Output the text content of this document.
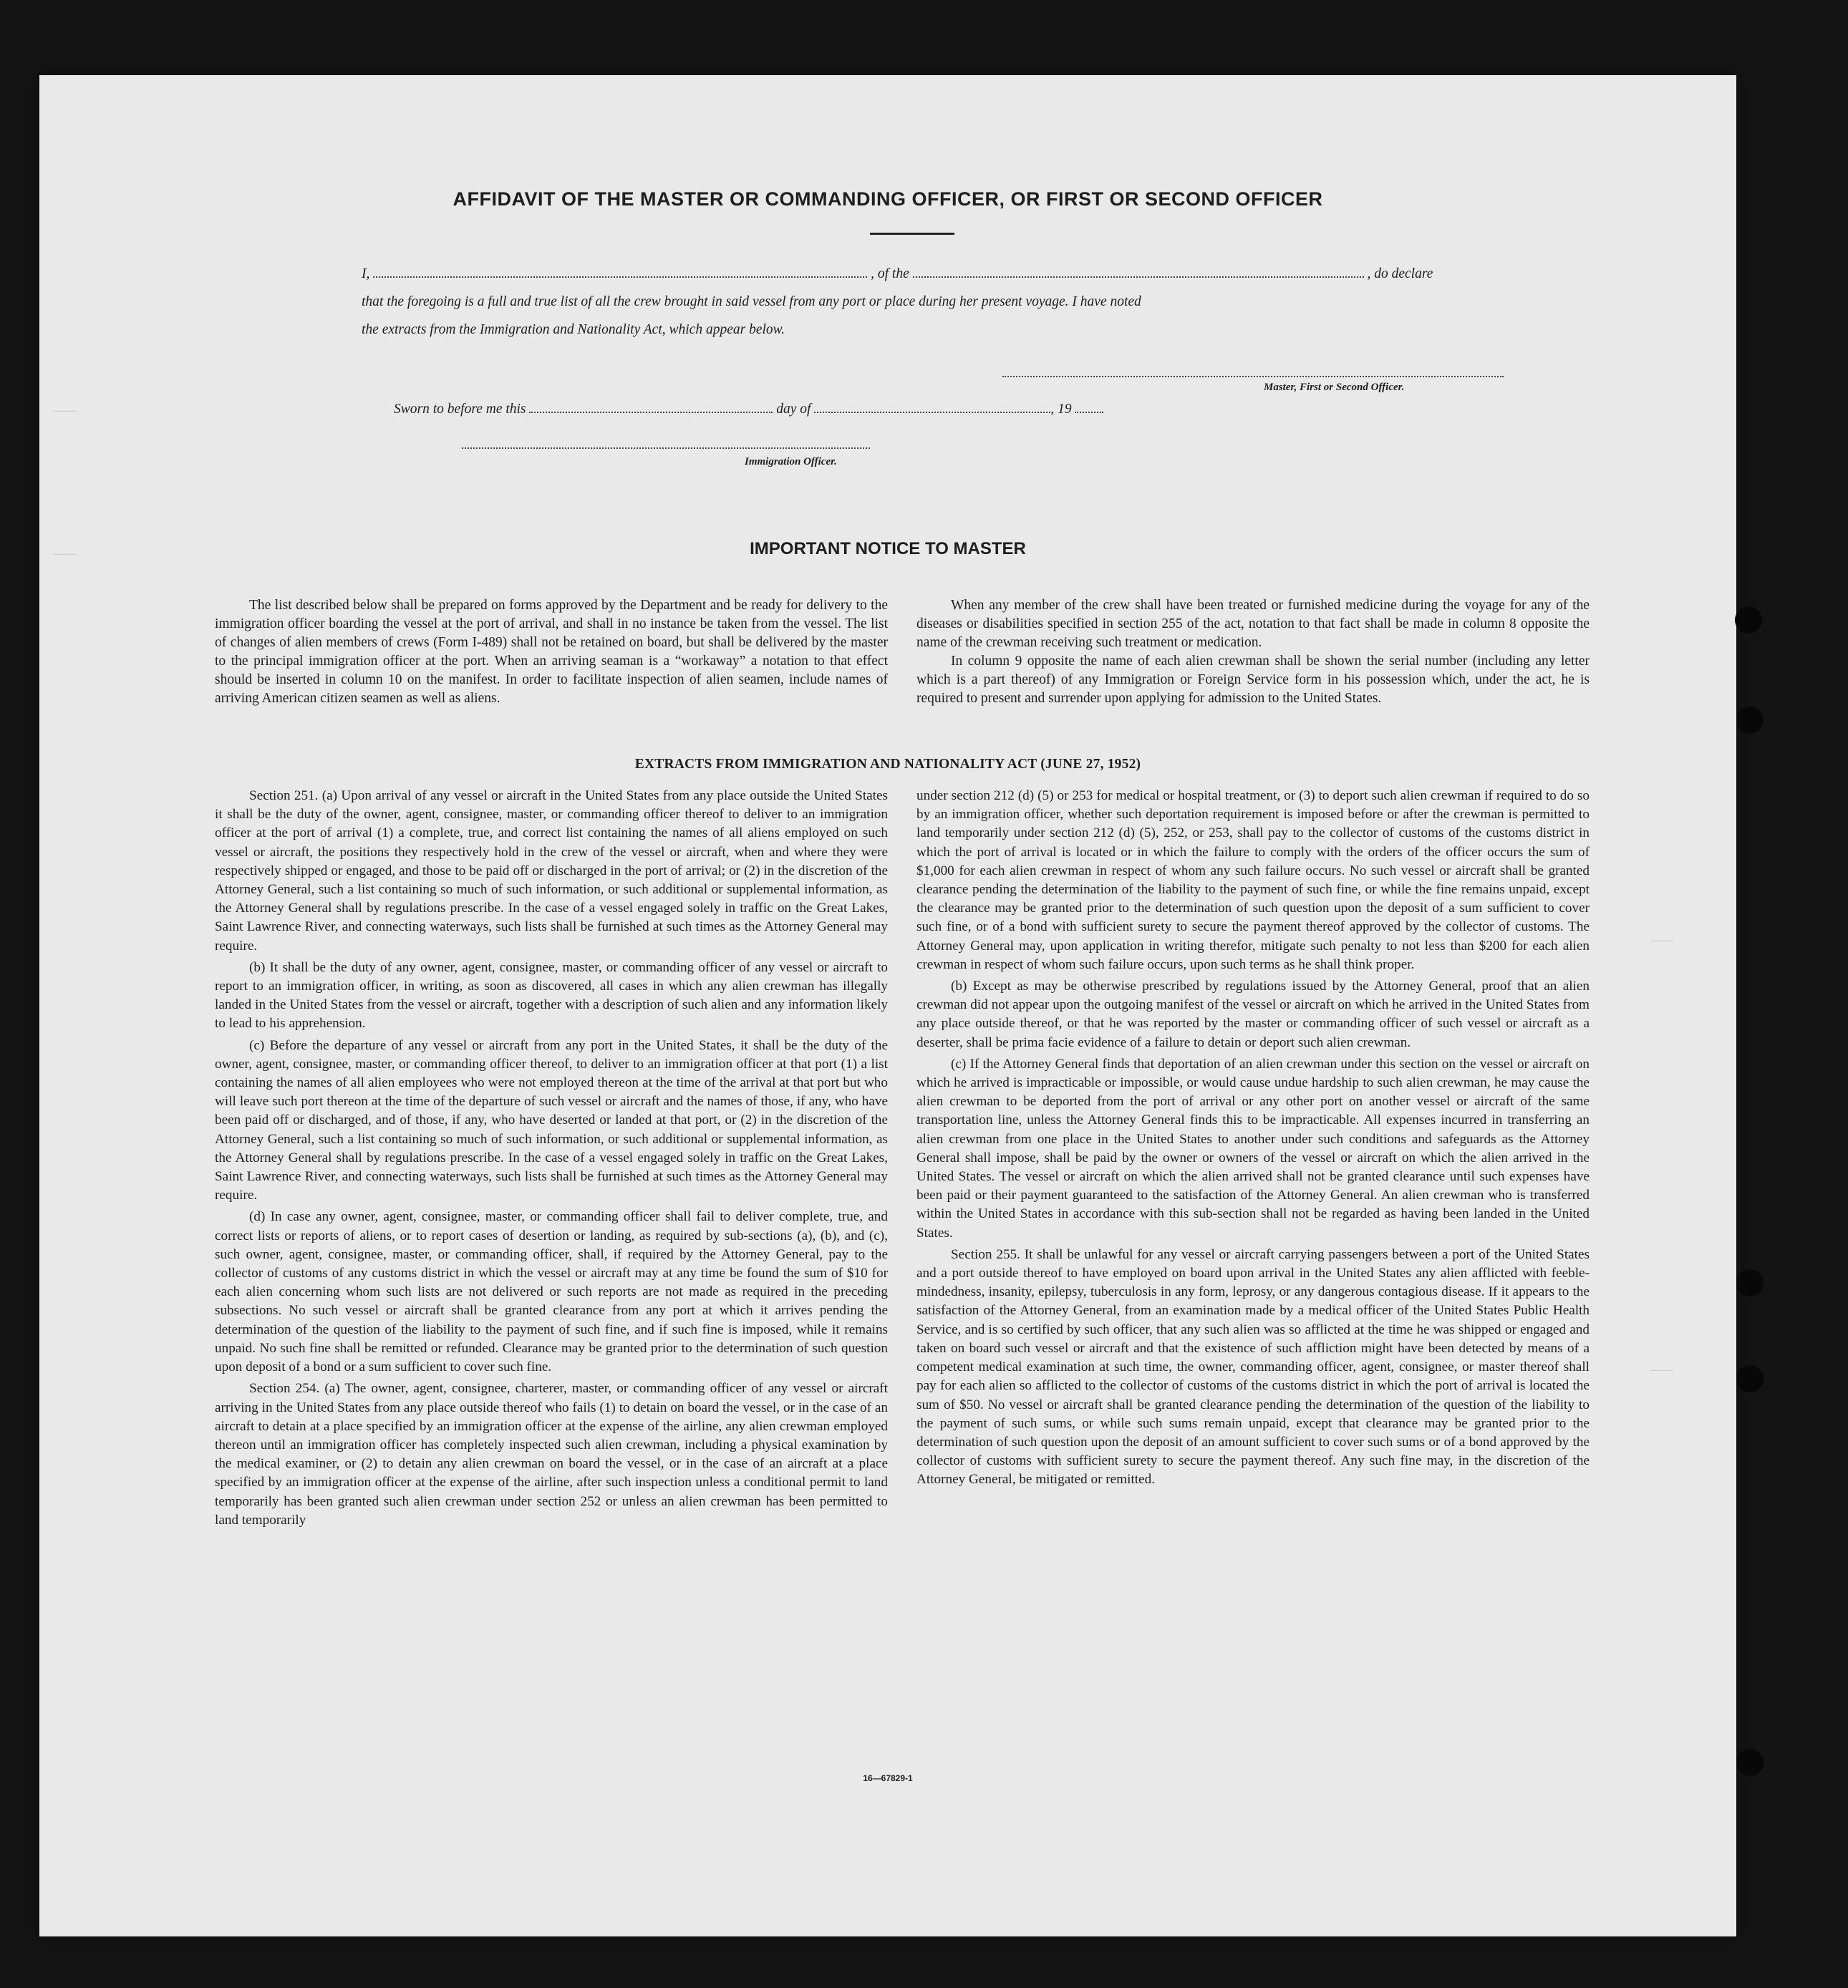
AFFIDAVIT OF THE MASTER OR COMMANDING OFFICER, OR FIRST OR SECOND OFFICER
I,	, of the	, do declare
that the foregoing is a full and true list of all the crew brought in said vessel from any port or place during her present voyage. I have noted
the extracts from the Immigration and Nationality Act, which appear below.
Master, First or Second Officer.
Sworn to before me this	day of	, 19
Immigration Officer.
IMPORTANT NOTICE TO MASTER

The list described below shall be prepared on forms approved by the Department and be ready for delivery to the immigration officer boarding the vessel at the port of arrival, and shall in no instance be taken from the vessel. The list of changes of alien members of crews (Form I-489) shall not be retained on board, but shall be delivered by the master to the principal immigration officer at the port. When an arriving seaman is a “workaway” a notation to that effect should be inserted in column 10 on the manifest. In order to facilitate inspection of alien seamen, include names of arriving American citizen seamen as well as aliens.

When any member of the crew shall have been treated or furnished medicine during the voyage for any of the diseases or disabilities specified in section 255 of the act, notation to that fact shall be made in column 8 opposite the name of the crewman receiving such treatment or medication.

In column 9 opposite the name of each alien crewman shall be shown the serial number (including any letter which is a part thereof) of any Immigration or Foreign Service form in his possession which, under the act, he is required to present and surrender upon applying for admission to the United States.

EXTRACTS FROM IMMIGRATION AND NATIONALITY ACT (JUNE 27, 1952)

Section 251. (a) Upon arrival of any vessel or aircraft in the United States from any place outside the United States it shall be the duty of the owner, agent, consignee, master, or commanding officer thereof to deliver to an immigration officer at the port of arrival (1) a complete, true, and correct list containing the names of all aliens employed on such vessel or aircraft, the positions they respectively hold in the crew of the vessel or aircraft, when and where they were respectively shipped or engaged, and those to be paid off or discharged in the port of arrival; or (2) in the discretion of the Attorney General, such a list containing so much of such information, or such additional or supplemental information, as the Attorney General shall by regulations prescribe. In the case of a vessel engaged solely in traffic on the Great Lakes, Saint Lawrence River, and connecting waterways, such lists shall be furnished at such times as the Attorney General may require.

(b) It shall be the duty of any owner, agent, consignee, master, or commanding officer of any vessel or aircraft to report to an immigration officer, in writing, as soon as discovered, all cases in which any alien crewman has illegally landed in the United States from the vessel or aircraft, together with a description of such alien and any information likely to lead to his apprehension.

(c) Before the departure of any vessel or aircraft from any port in the United States, it shall be the duty of the owner, agent, consignee, master, or commanding officer thereof, to deliver to an immigration officer at that port (1) a list containing the names of all alien employees who were not employed thereon at the time of the arrival at that port but who will leave such port thereon at the time of the departure of such vessel or aircraft and the names of those, if any, who have been paid off or discharged, and of those, if any, who have deserted or landed at that port, or (2) in the discretion of the Attorney General, such a list containing so much of such information, or such additional or supplemental information, as the Attorney General shall by regulations prescribe. In the case of a vessel engaged solely in traffic on the Great Lakes, Saint Lawrence River, and connecting waterways, such lists shall be furnished at such times as the Attorney General may require.

(d) In case any owner, agent, consignee, master, or commanding officer shall fail to deliver complete, true, and correct lists or reports of aliens, or to report cases of desertion or landing, as required by sub-sections (a), (b), and (c), such owner, agent, consignee, master, or commanding officer, shall, if required by the Attorney General, pay to the collector of customs of any customs district in which the vessel or aircraft may at any time be found the sum of $10 for each alien concerning whom such lists are not delivered or such reports are not made as required in the preceding subsections. No such vessel or aircraft shall be granted clearance from any port at which it arrives pending the determination of the question of the liability to the payment of such fine, and if such fine is imposed, while it remains unpaid. No such fine shall be remitted or refunded. Clearance may be granted prior to the determination of such question upon deposit of a bond or a sum sufficient to cover such fine.

Section 254. (a) The owner, agent, consignee, charterer, master, or commanding officer of any vessel or aircraft arriving in the United States from any place outside thereof who fails (1) to detain on board the vessel, or in the case of an aircraft to detain at a place specified by an immigration officer at the expense of the airline, any alien crewman employed thereon until an immigration officer has completely inspected such alien crewman, including a physical examination by the medical examiner, or (2) to detain any alien crewman on board the vessel, or in the case of an aircraft at a place specified by an immigration officer at the expense of the airline, after such inspection unless a conditional permit to land temporarily has been granted such alien crewman under section 252 or unless an alien crewman has been permitted to land temporarily

under section 212 (d) (5) or 253 for medical or hospital treatment, or (3) to deport such alien crewman if required to do so by an immigration officer, whether such deportation requirement is imposed before or after the crewman is permitted to land temporarily under section 212 (d) (5), 252, or 253, shall pay to the collector of customs of the customs district in which the port of arrival is located or in which the failure to comply with the orders of the officer occurs the sum of $1,000 for each alien crewman in respect of whom any such failure occurs. No such vessel or aircraft shall be granted clearance pending the determination of the liability to the payment of such fine, or while the fine remains unpaid, except the clearance may be granted prior to the determination of such question upon the deposit of a sum sufficient to cover such fine, or of a bond with sufficient surety to secure the payment thereof approved by the collector of customs. The Attorney General may, upon application in writing therefor, mitigate such penalty to not less than $200 for each alien crewman in respect of whom such failure occurs, upon such terms as he shall think proper.

(b) Except as may be otherwise prescribed by regulations issued by the Attorney General, proof that an alien crewman did not appear upon the outgoing manifest of the vessel or aircraft on which he arrived in the United States from any place outside thereof, or that he was reported by the master or commanding officer of such vessel or aircraft as a deserter, shall be prima facie evidence of a failure to detain or deport such alien crewman.

(c) If the Attorney General finds that deportation of an alien crewman under this section on the vessel or aircraft on which he arrived is impracticable or impossible, or would cause undue hardship to such alien crewman, he may cause the alien crewman to be deported from the port of arrival or any other port on another vessel or aircraft of the same transportation line, unless the Attorney General finds this to be impracticable. All expenses incurred in transferring an alien crewman from one place in the United States to another under such conditions and safeguards as the Attorney General shall impose, shall be paid by the owner or owners of the vessel or aircraft on which the alien arrived in the United States. The vessel or aircraft on which the alien arrived shall not be granted clearance until such expenses have been paid or their payment guaranteed to the satisfaction of the Attorney General. An alien crewman who is transferred within the United States in accordance with this sub-section shall not be regarded as having been landed in the United States.

Section 255. It shall be unlawful for any vessel or aircraft carrying passengers between a port of the United States and a port outside thereof to have employed on board upon arrival in the United States any alien afflicted with feeble-mindedness, insanity, epilepsy, tuberculosis in any form, leprosy, or any dangerous contagious disease. If it appears to the satisfaction of the Attorney General, from an examination made by a medical officer of the United States Public Health Service, and is so certified by such officer, that any such alien was so afflicted at the time he was shipped or engaged and taken on board such vessel or aircraft and that the existence of such affliction might have been detected by means of a competent medical examination at such time, the owner, commanding officer, agent, consignee, or master thereof shall pay for each alien so afflicted to the collector of customs of the customs district in which the port of arrival is located the sum of $50. No vessel or aircraft shall be granted clearance pending the determination of the question of the liability to the payment of such sums, or while such sums remain unpaid, except that clearance may be granted prior to the determination of such question upon the deposit of an amount sufficient to cover such sums or of a bond approved by the collector of customs with sufficient surety to secure the payment thereof. Any such fine may, in the discretion of the Attorney General, be mitigated or remitted.

16—67829-1
———
———
———
———
